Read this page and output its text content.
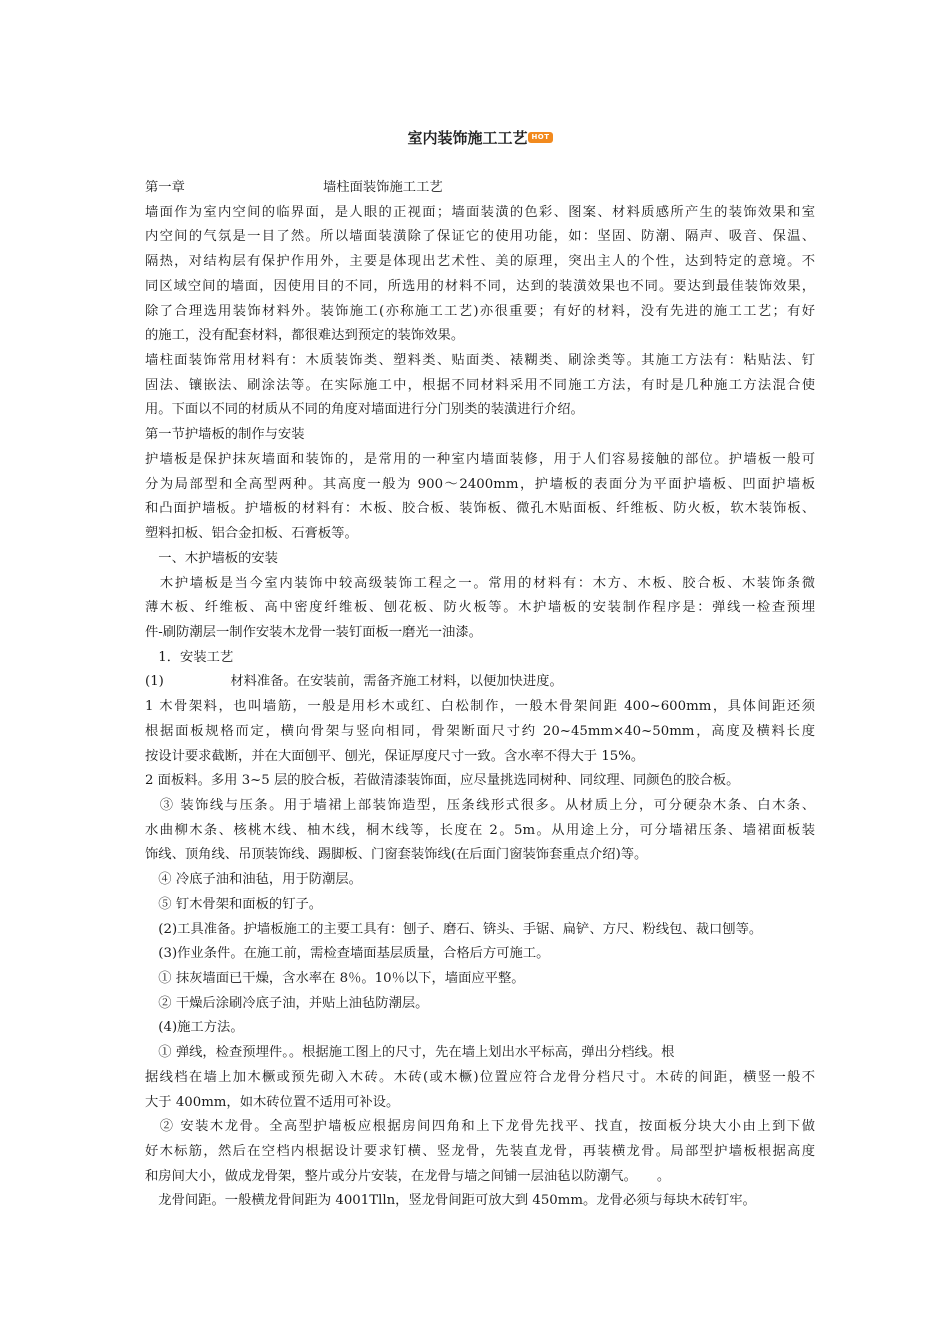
室内装饰施工工艺 HOT
第一章	墙柱面装饰施工工艺
墙面作为室内空间的临界面，是人眼的正视面；墙面装潢的色彩、图案、材料质感所产生的装饰效果和室
内空间的气氛是一目了然。所以墙面装潢除了保证它的使用功能，如：坚固、防潮、隔声、吸音、保温、
隔热，对结构层有保护作用外，主要是体现出艺术性、美的原理，突出主人的个性，达到特定的意境。不
同区域空间的墙面，因使用目的不同，所选用的材料不同，达到的装潢效果也不同。要达到最佳装饰效果，
除了合理选用装饰材料外。装饰施工(亦称施工工艺)亦很重要；有好的材料，没有先进的施工工艺；有好
的施工，没有配套材料，都很难达到预定的装饰效果。
墙柱面装饰常用材料有：木质装饰类、塑料类、贴面类、裱糊类、刷涂类等。其施工方法有：粘贴法、钉
固法、镶嵌法、刷涂法等。在实际施工中，根据不同材料采用不同施工方法，有时是几种施工方法混合使
用。下面以不同的材质从不同的角度对墙面进行分门别类的装潢进行介绍。
第一节护墙板的制作与安装
护墙板是保护抹灰墙面和装饰的，是常用的一种室内墙面装修，用于人们容易接触的部位。护墙板一般可
分为局部型和全高型两种。其高度一般为 900～2400mm，护墙板的表面分为平面护墙板、凹面护墙板
和凸面护墙板。护墙板的材料有：木板、胶合板、装饰板、微孔木贴面板、纤维板、防火板，软木装饰板、
塑料扣板、铝合金扣板、石膏板等。
　一、木护墙板的安装
　木护墙板是当今室内装饰中较高级装饰工程之一。常用的材料有：木方、木板、胶合板、木装饰条微
薄木板、纤维板、高中密度纤维板、刨花板、防火板等。木护墙板的安装制作程序是：弹线一检查预埋
件-刷防潮层一制作安装木龙骨一装钉面板一磨光一油漆。
　1．安装工艺
(1)　　　　　材料准备。在安装前，需备齐施工材料，以便加快进度。
1 木骨架料，也叫墙筋，一般是用杉木或红、白松制作，一般木骨架间距 400~600mm，具体间距还须
根据面板规格而定，横向骨架与竖向相同，骨架断面尺寸约 20~45mm×40~50mm，高度及横料长度
按设计要求截断，并在大面刨平、刨光，保证厚度尺寸一致。含水率不得大于 15%。
2 面板料。多用 3~5 层的胶合板，若做清漆装饰面，应尽量挑选同树种、同纹理、同颜色的胶合板。
　③ 装饰线与压条。用于墙裙上部装饰造型，压条线形式很多。从材质上分，可分硬杂木条、白木条、
水曲柳木条、核桃木线、柚木线，桐木线等，长度在 2。5m。从用途上分，可分墙裙压条、墙裙面板装
饰线、顶角线、吊顶装饰线、踢脚板、门窗套装饰线(在后面门窗装饰套重点介绍)等。
　④ 冷底子油和油毡，用于防潮层。
　⑤ 钉木骨架和面板的钉子。
　(2)工具准备。护墙板施工的主要工具有：刨子、磨石、锛头、手锯、扁铲、方尺、粉线包、裁口刨等。
　(3)作业条件。在施工前，需检查墙面基层质量，合格后方可施工。
　① 抹灰墙面已干燥，含水率在 8％。10％以下，墙面应平整。
　② 干燥后涂刷冷底子油，并贴上油毡防潮层。
　(4)施工方法。
　① 弹线，检查预埋件。。根据施工图上的尺寸，先在墙上划出水平标高，弹出分档线。根
据线档在墙上加木橛或预先砌入木砖。木砖(或木橛)位置应符合龙骨分档尺寸。木砖的间距，横竖一般不
大于 400mm，如木砖位置不适用可补设。
　② 安装木龙骨。全高型护墙板应根据房间四角和上下龙骨先找平、找直，按面板分块大小由上到下做
好木标筋，然后在空档内根据设计要求钉横、竖龙骨，先装直龙骨，再装横龙骨。局部型护墙板根据高度
和房间大小，做成龙骨架，整片或分片安装，在龙骨与墙之间铺一层油毡以防潮气。　　。
　龙骨间距。一般横龙骨间距为 4001Tlln，竖龙骨间距可放大到 450mm。龙骨必须与每块木砖钉牢。
